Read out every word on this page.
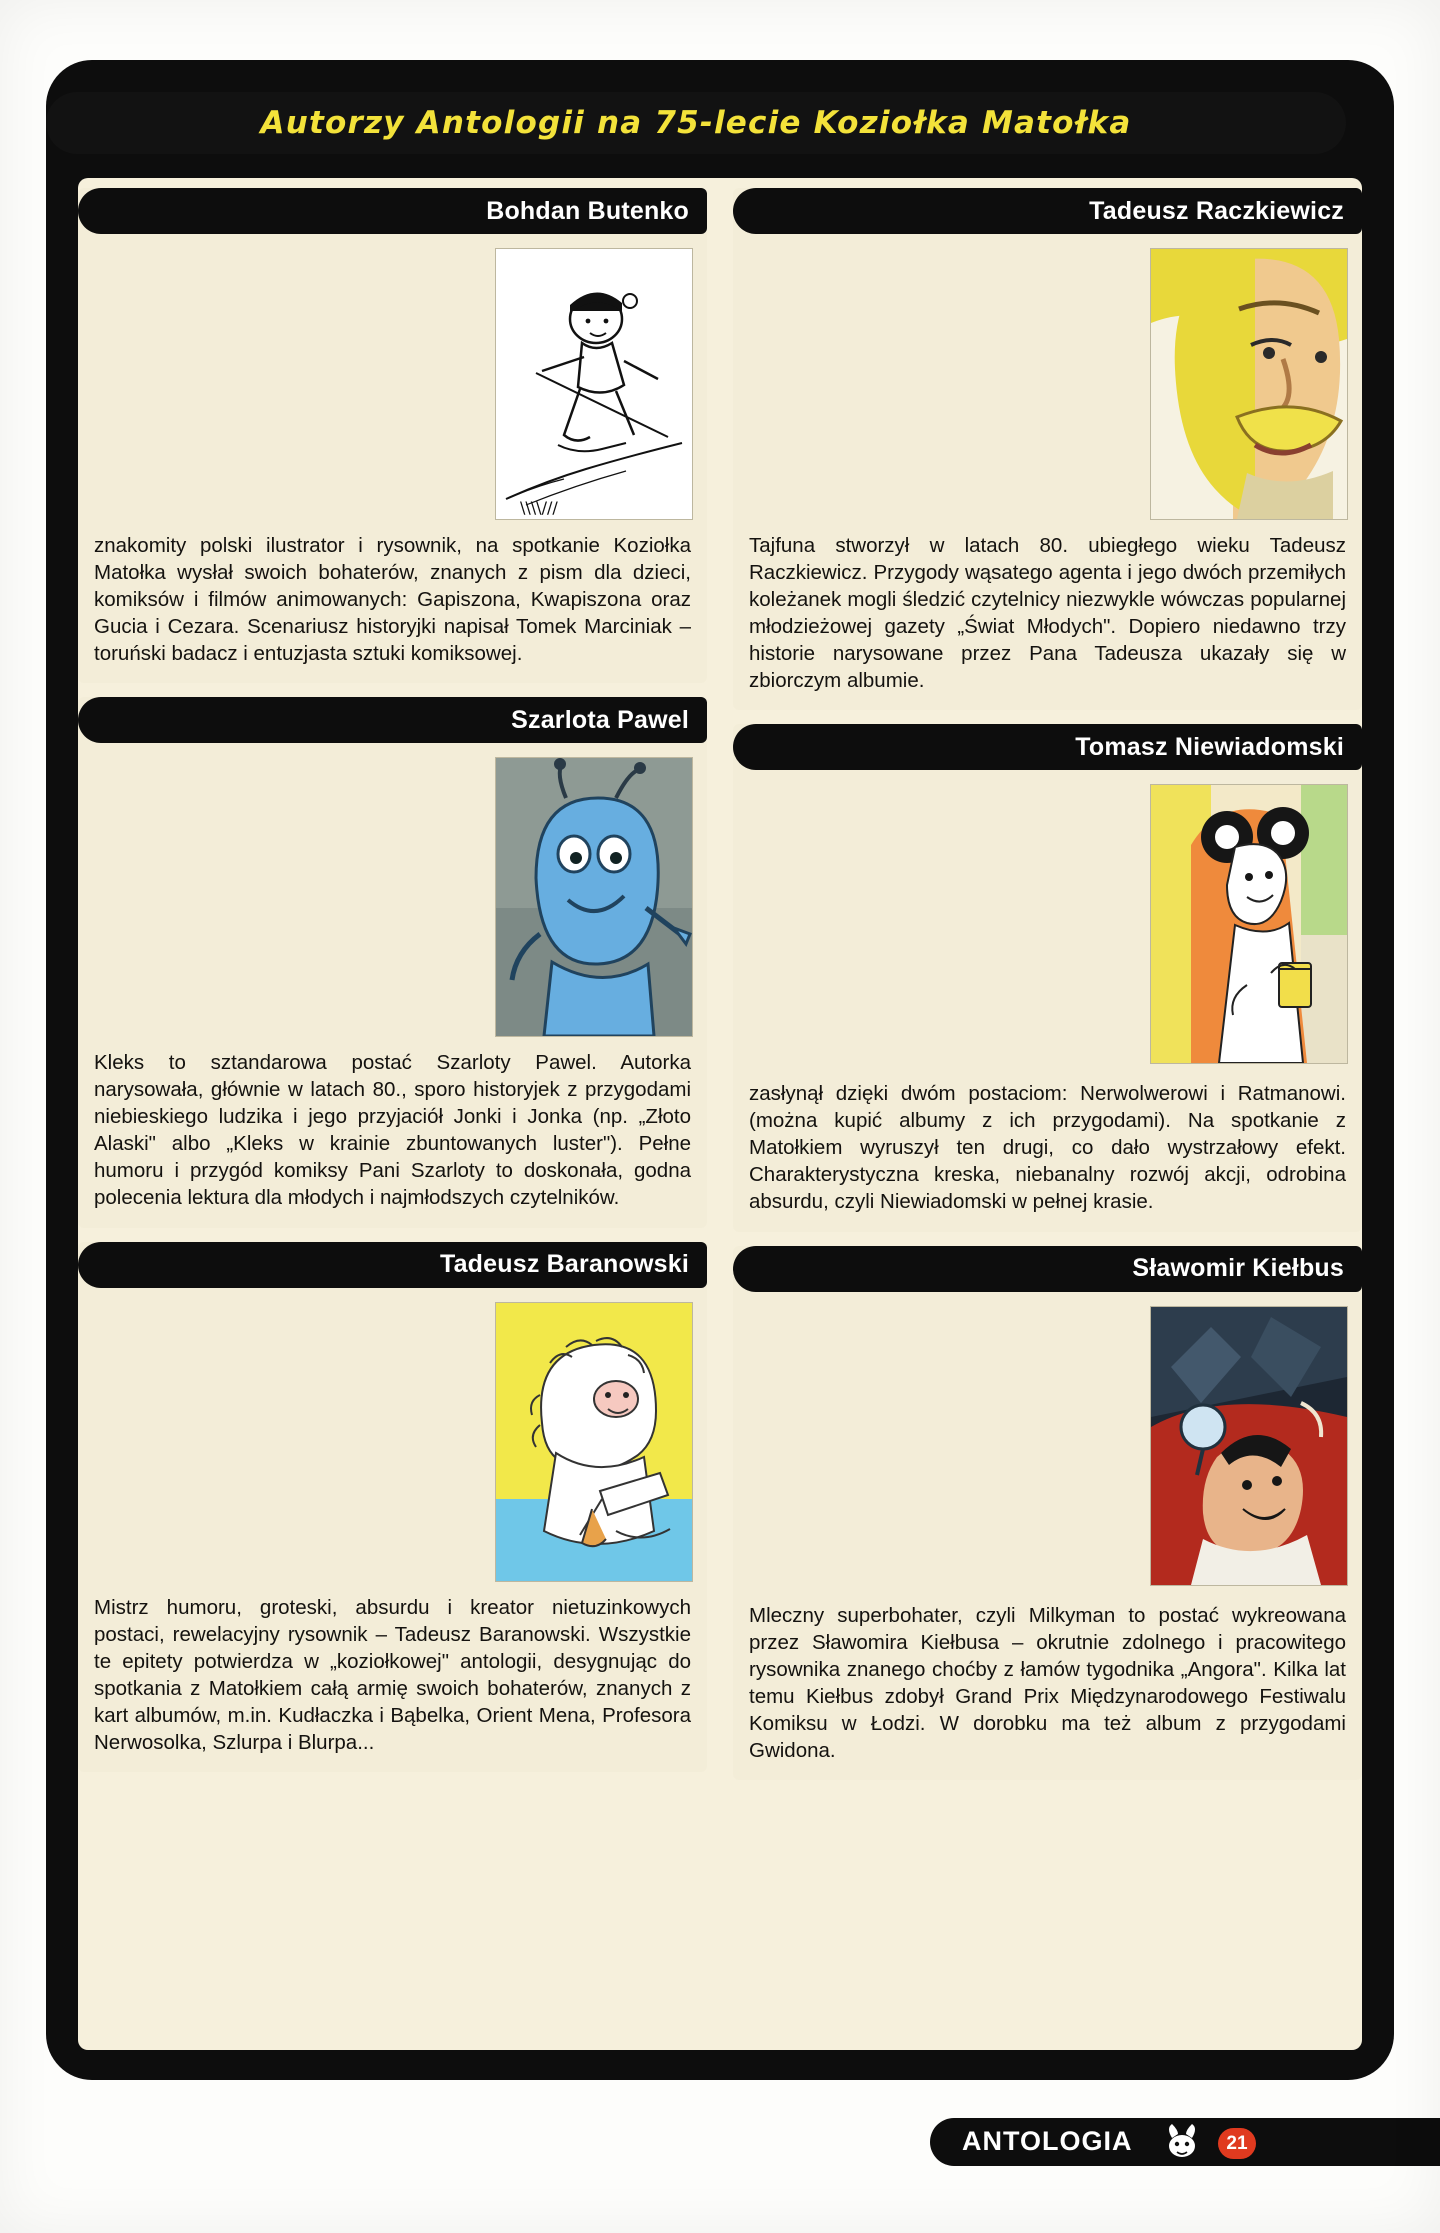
Autorzy Antologii na 75-lecie Koziołka Matołka
Bohdan Butenko
\\\\///
znakomity polski ilustrator i rysownik, na spotkanie Koziołka Matołka wysłał swoich bohaterów, znanych z pism dla dzieci, komiksów i filmów animowanych: Gapiszona, Kwapiszona oraz Gucia i Cezara. Scenariusz historyjki napisał Tomek Marciniak – toruński badacz i entuzjasta sztuki komiksowej.
Szarlota Pawel
Kleks to sztandarowa postać Szarloty Pawel. Autorka narysowała, głównie w latach 80., sporo historyjek z przygodami niebieskiego ludzika i jego przyjaciół Jonki i Jonka (np. „Złoto Alaski" albo „Kleks w krainie zbuntowanych luster"). Pełne humoru i przygód komiksy Pani Szarloty to doskonała, godna polecenia lektura dla młodych i najmłodszych czytelników.
Tadeusz Baranowski
Mistrz humoru, groteski, absurdu i kreator nietuzinkowych postaci, rewelacyjny rysownik – Tadeusz Baranowski. Wszystkie te epitety potwierdza w „koziołkowej" antologii, desygnując do spotkania z Matołkiem całą armię swoich bohaterów, znanych z kart albumów, m.in. Kudłaczka i Bąbelka, Orient Mena, Profesora Nerwosolka, Szlurpa i Blurpa...
Tadeusz Raczkiewicz
Tajfuna stworzył w latach 80. ubiegłego wieku Tadeusz Raczkiewicz. Przygody wąsatego agenta i jego dwóch przemiłych koleżanek mogli śledzić czytelnicy niezwykle wówczas popularnej młodzieżowej gazety „Świat Młodych". Dopiero niedawno trzy historie narysowane przez Pana Tadeusza ukazały się w zbiorczym albumie.
Tomasz Niewiadomski
zasłynął dzięki dwóm postaciom: Nerwolwerowi i Ratmanowi. (można kupić albumy z ich przygodami). Na spotkanie z Matołkiem wyruszył ten drugi, co dało wystrzałowy efekt. Charakterystyczna kreska, niebanalny rozwój akcji, odrobina absurdu, czyli Niewiadomski w pełnej krasie.
Sławomir Kiełbus
Mleczny superbohater, czyli Milkyman to postać wykreowana przez Sławomira Kiełbusa – okrutnie zdolnego i pracowitego rysownika znanego choćby z łamów tygodnika „Angora". Kilka lat temu Kiełbus zdobył Grand Prix Międzynarodowego Festiwalu Komiksu w Łodzi. W dorobku ma też album z przygodami Gwidona.
ANTOLOGIA	21
